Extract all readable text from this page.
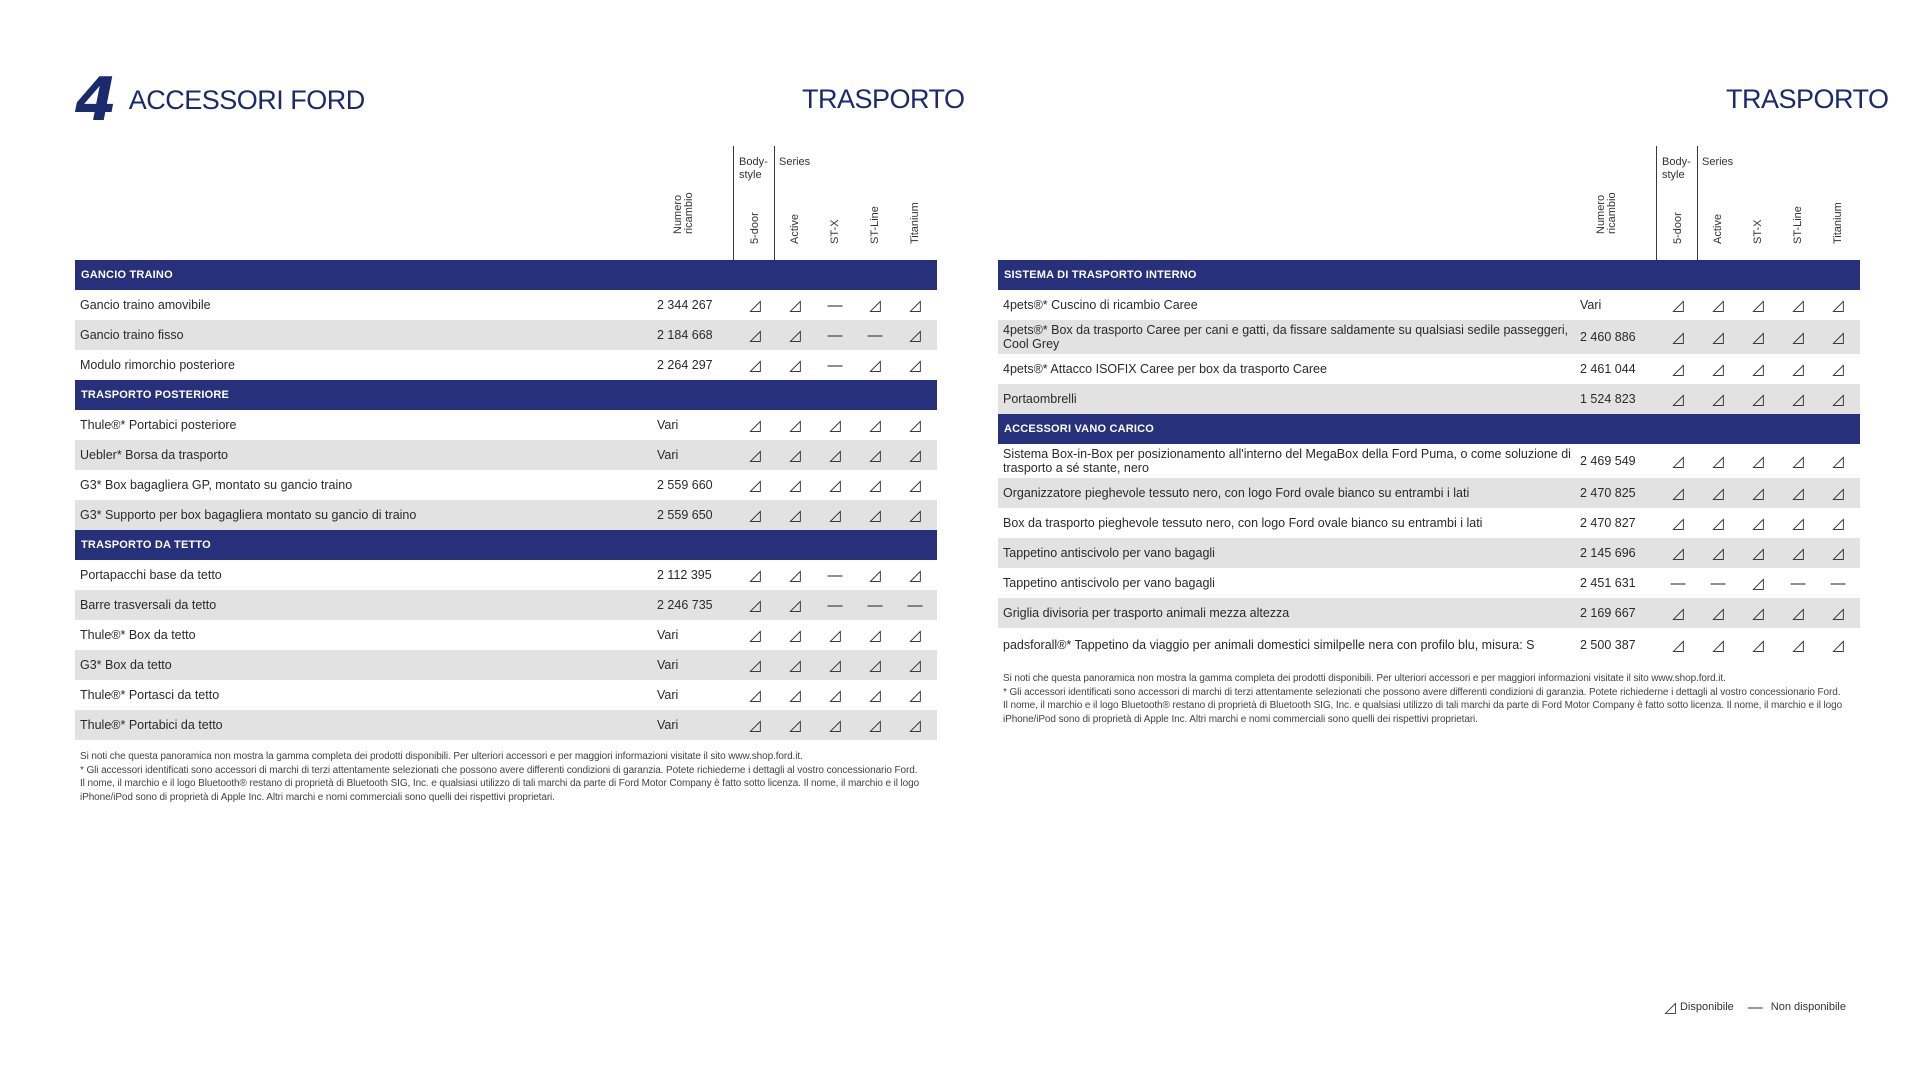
4 ACCESSORI FORD	TRASPORTO	TRASPORTO
Numero ricambio	5-door	Active	ST-X	ST-Line	Titanium
Body-style
Series
GANCIO TRAINO
Gancio traino amovibile	2 344 267	◿	◿	—	◿	◿
Gancio traino fisso	2 184 668	◿	◿	—	—	◿
Modulo rimorchio posteriore	2 264 297	◿	◿	—	◿	◿
TRASPORTO POSTERIORE
Thule®* Portabici posteriore	Vari	◿	◿	◿	◿	◿
Uebler* Borsa da trasporto	Vari	◿	◿	◿	◿	◿
G3* Box bagagliera GP, montato su gancio traino	2 559 660	◿	◿	◿	◿	◿
G3* Supporto per box bagagliera montato su gancio di traino	2 559 650	◿	◿	◿	◿	◿
TRASPORTO DA TETTO
Portapacchi base da tetto	2 112 395	◿	◿	—	◿	◿
Barre trasversali da tetto	2 246 735	◿	◿	—	—	—
Thule®* Box da tetto	Vari	◿	◿	◿	◿	◿
G3* Box da tetto	Vari	◿	◿	◿	◿	◿
Thule®* Portasci da tetto	Vari	◿	◿	◿	◿	◿
Thule®* Portabici da tetto	Vari	◿	◿	◿	◿	◿
Si noti che questa panoramica non mostra la gamma completa dei prodotti disponibili. Per ulteriori accessori e per maggiori informazioni visitate il sito www.shop.ford.it.
* Gli accessori identificati sono accessori di marchi di terzi attentamente selezionati che possono avere differenti condizioni di garanzia. Potete richiederne i dettagli al vostro concessionario Ford.
Il nome, il marchio e il logo Bluetooth® restano di proprietà di Bluetooth SIG, Inc. e qualsiasi utilizzo di tali marchi da parte di Ford Motor Company è fatto sotto licenza. Il nome, il marchio e il logo
iPhone/iPod sono di proprietà di Apple Inc. Altri marchi e nomi commerciali sono quelli dei rispettivi proprietari.
Numero ricambio	5-door	Active	ST-X	ST-Line	Titanium
Body-style
Series
SISTEMA DI TRASPORTO INTERNO
4pets®* Cuscino di ricambio Caree	Vari	◿	◿	◿	◿	◿
4pets®* Box da trasporto Caree per cani e gatti, da fissare saldamente su qualsiasi sedile passeggeri, Cool Grey	2 460 886	◿	◿	◿	◿	◿
4pets®* Attacco ISOFIX Caree per box da trasporto Caree	2 461 044	◿	◿	◿	◿	◿
Portaombrelli	1 524 823	◿	◿	◿	◿	◿
ACCESSORI VANO CARICO
Sistema Box-in-Box per posizionamento all'interno del MegaBox della Ford Puma, o come soluzione di trasporto a sé stante, nero	2 469 549	◿	◿	◿	◿	◿
Organizzatore pieghevole tessuto nero, con logo Ford ovale bianco su entrambi i lati	2 470 825	◿	◿	◿	◿	◿
Box da trasporto pieghevole tessuto nero, con logo Ford ovale bianco su entrambi i lati	2 470 827	◿	◿	◿	◿	◿
Tappetino antiscivolo per vano bagagli	2 145 696	◿	◿	◿	◿	◿
Tappetino antiscivolo per vano bagagli	2 451 631	—	—	◿	—	—
Griglia divisoria per trasporto animali mezza altezza	2 169 667	◿	◿	◿	◿	◿
padsforall®* Tappetino da viaggio per animali domestici similpelle nera con profilo blu, misura: S	2 500 387	◿	◿	◿	◿	◿
Si noti che questa panoramica non mostra la gamma completa dei prodotti disponibili. Per ulteriori accessori e per maggiori informazioni visitate il sito www.shop.ford.it.
* Gli accessori identificati sono accessori di marchi di terzi attentamente selezionati che possono avere differenti condizioni di garanzia. Potete richiederne i dettagli al vostro concessionario Ford.
Il nome, il marchio e il logo Bluetooth® restano di proprietà di Bluetooth SIG, Inc. e qualsiasi utilizzo di tali marchi da parte di Ford Motor Company è fatto sotto licenza. Il nome, il marchio e il logo
iPhone/iPod sono di proprietà di Apple Inc. Altri marchi e nomi commerciali sono quelli dei rispettivi proprietari.
◿ Disponibile — Non disponibile
